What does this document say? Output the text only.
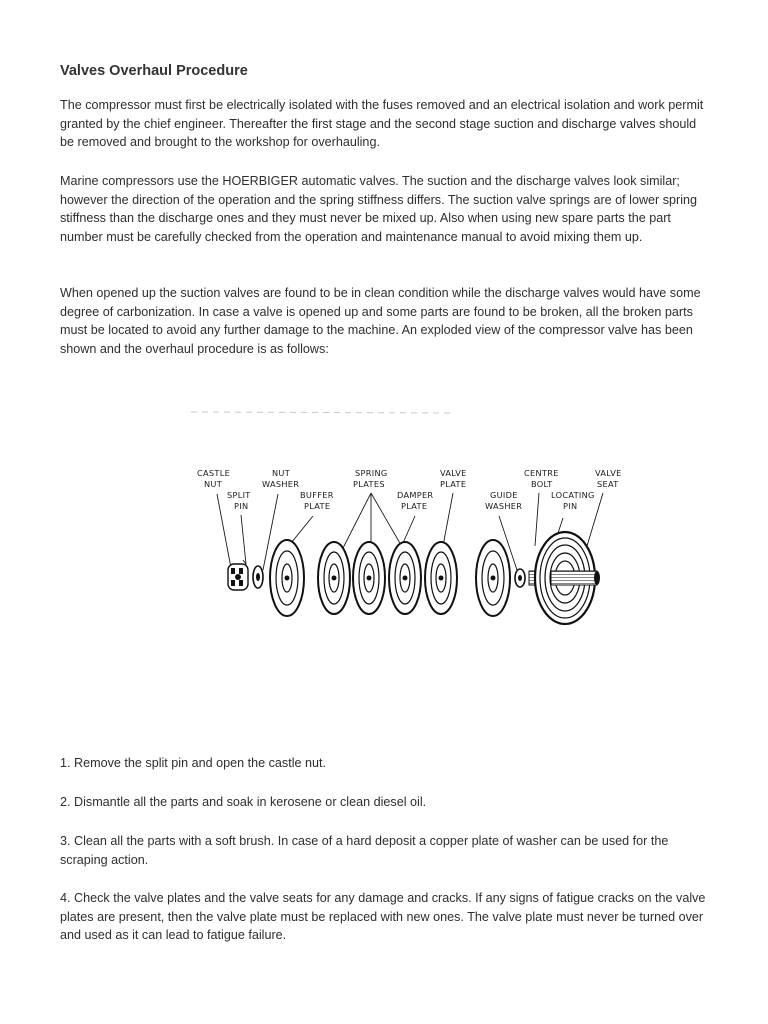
Valves Overhaul Procedure

The compressor must first be electrically isolated with the fuses removed and an electrical isolation and work permit granted by the chief engineer. Thereafter the first stage and the second stage suction and discharge valves should be removed and brought to the workshop for overhauling.

Marine compressors use the HOERBIGER automatic valves. The suction and the discharge valves look similar; however the direction of the operation and the spring stiffness differs. The suction valve springs are of lower spring stiffness than the discharge ones and they must never be mixed up. Also when using new spare parts the part number must be carefully checked from the operation and maintenance manual to avoid mixing them up.

When opened up the suction valves are found to be in clean condition while the discharge valves would have some degree of carbonization. In case a valve is opened up and some parts are found to be broken, all the broken parts must be located to avoid any further damage to the machine. An exploded view of the compressor valve has been shown and the overhaul procedure is as follows:

CASTLE
NUT
SPLIT
PIN
NUT
WASHER
BUFFER
PLATE
SPRING
PLATES
DAMPER
PLATE
VALVE
PLATE
GUIDE
WASHER
CENTRE
BOLT
LOCATING
PIN
VALVE
SEAT

1. Remove the split pin and open the castle nut.

2. Dismantle all the parts and soak in kerosene or clean diesel oil.

3. Clean all the parts with a soft brush. In case of a hard deposit a copper plate of washer can be used for the scraping action.

4. Check the valve plates and the valve seats for any damage and cracks. If any signs of fatigue cracks on the valve plates are present, then the valve plate must be replaced with new ones. The valve plate must never be turned over and used as it can lead to fatigue failure.
